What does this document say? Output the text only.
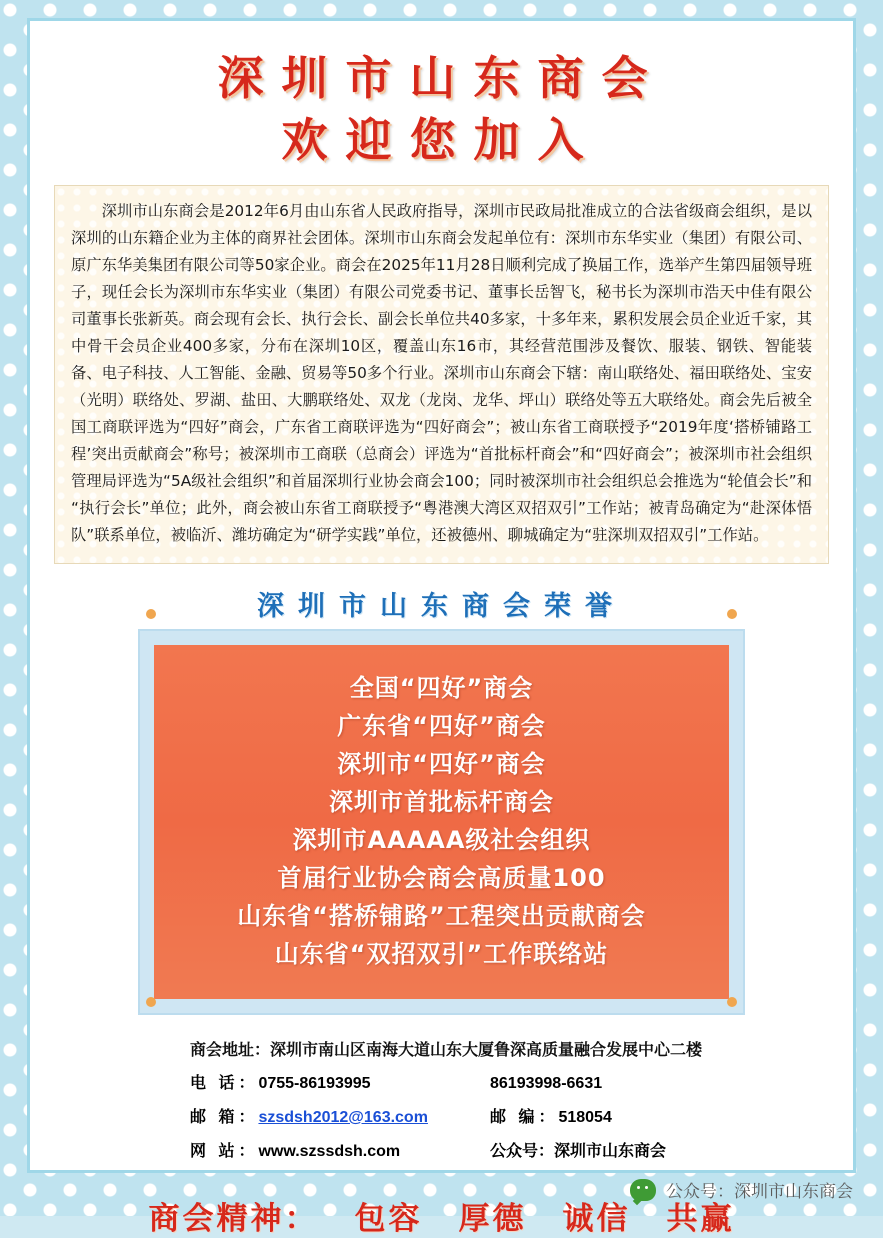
深圳市山东商会
欢迎您加入

深圳市山东商会是2012年6月由山东省人民政府指导，深圳市民政局批准成立的合法省级商会组织，是以深圳的山东籍企业为主体的商界社会团体。深圳市山东商会发起单位有：深圳市东华实业（集团）有限公司、原广东华美集团有限公司等50家企业。商会在2025年11月28日顺利完成了换届工作，选举产生第四届领导班子，现任会长为深圳市东华实业（集团）有限公司党委书记、董事长岳智飞，秘书长为深圳市浩天中佳有限公司董事长张新英。商会现有会长、执行会长、副会长单位共40多家，十多年来，累积发展会员企业近千家，其中骨干会员企业400多家，分布在深圳10区，覆盖山东16市，其经营范围涉及餐饮、服装、钢铁、智能装备、电子科技、人工智能、金融、贸易等50多个行业。深圳市山东商会下辖：南山联络处、福田联络处、宝安（光明）联络处、罗湖、盐田、大鹏联络处、双龙（龙岗、龙华、坪山）联络处等五大联络处。商会先后被全国工商联评选为“四好”商会，广东省工商联评选为“四好商会”；被山东省工商联授予“2019年度‘搭桥铺路工程’突出贡献商会”称号；被深圳市工商联（总商会）评选为“首批标杆商会”和“四好商会”；被深圳市社会组织管理局评选为“5A级社会组织”和首届深圳行业协会商会100；同时被深圳市社会组织总会推选为“轮值会长”和“执行会长”单位；此外，商会被山东省工商联授予“粤港澳大湾区双招双引”工作站；被青岛确定为“赴深体悟队”联系单位，被临沂、潍坊确定为“研学实践”单位，还被德州、聊城确定为“驻深圳双招双引”工作站。

深圳市山东商会荣誉
全国“四好”商会
广东省“四好”商会
深圳市“四好”商会
深圳市首批标杆商会
深圳市AAAAA级社会组织
首届行业协会商会高质量100
山东省“搭桥铺路”工程突出贡献商会
山东省“双招双引”工作联络站
商会地址：深圳市南山区南海大道山东大厦鲁深高质量融合发展中心二楼
电 话：0755-86193995	86193998-6631
邮 箱：szsdsh2012@163.com	邮 编：518054
网 站：www.szssdsh.com	公众号：深圳市山东商会
商会精神： 包容 厚德 诚信 共赢
公众号：深圳市山东商会
